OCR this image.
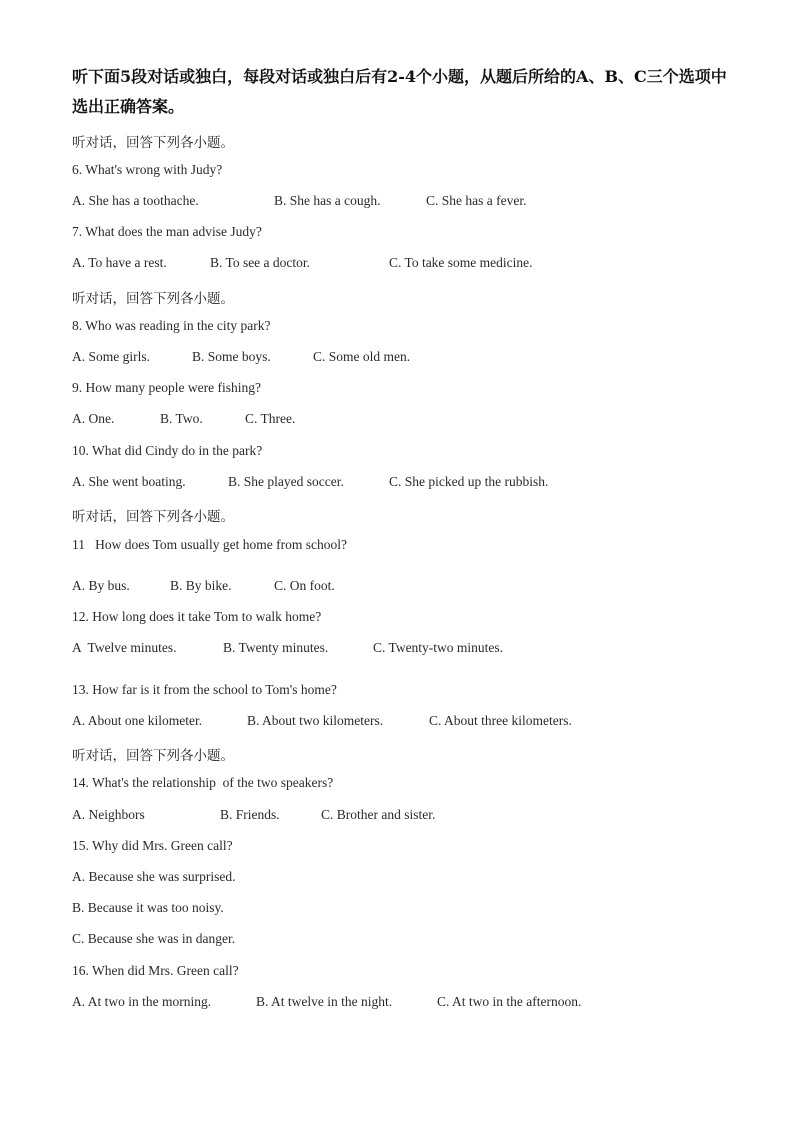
听下面5段对话或独白，每段对话或独白后有2-4个小题，从题后所给的A、B、C三个选项中选出正确答案。
听对话，回答下列各小题。
6. What's wrong with Judy?
A. She has a toothache.	B. She has a cough.	C. She has a fever.
7. What does the man advise Judy?
A. To have a rest.	B. To see a doctor.	C. To take some medicine.
听对话，回答下列各小题。
8. Who was reading in the city park?
A. Some girls.	B. Some boys.	C. Some old men.
9. How many people were fishing?
A. One.	B. Two.	C. Three.
10. What did Cindy do in the park?
A. She went boating.	B. She played soccer.	C. She picked up the rubbish.
听对话，回答下列各小题。
11   How does Tom usually get home from school?
A. By bus.	B. By bike.	C. On foot.
12. How long does it take Tom to walk home?
A  Twelve minutes.	B. Twenty minutes.	C. Twenty-two minutes.
13. How far is it from the school to Tom's home?
A. About one kilometer.	B. About two kilometers.	C. About three kilometers.
听对话，回答下列各小题。
14. What's the relationship  of the two speakers?
A. Neighbors	B. Friends.	C. Brother and sister.
15. Why did Mrs. Green call?
A. Because she was surprised.
B. Because it was too noisy.
C. Because she was in danger.
16. When did Mrs. Green call?
A. At two in the morning.	B. At twelve in the night.	C. At two in the afternoon.
